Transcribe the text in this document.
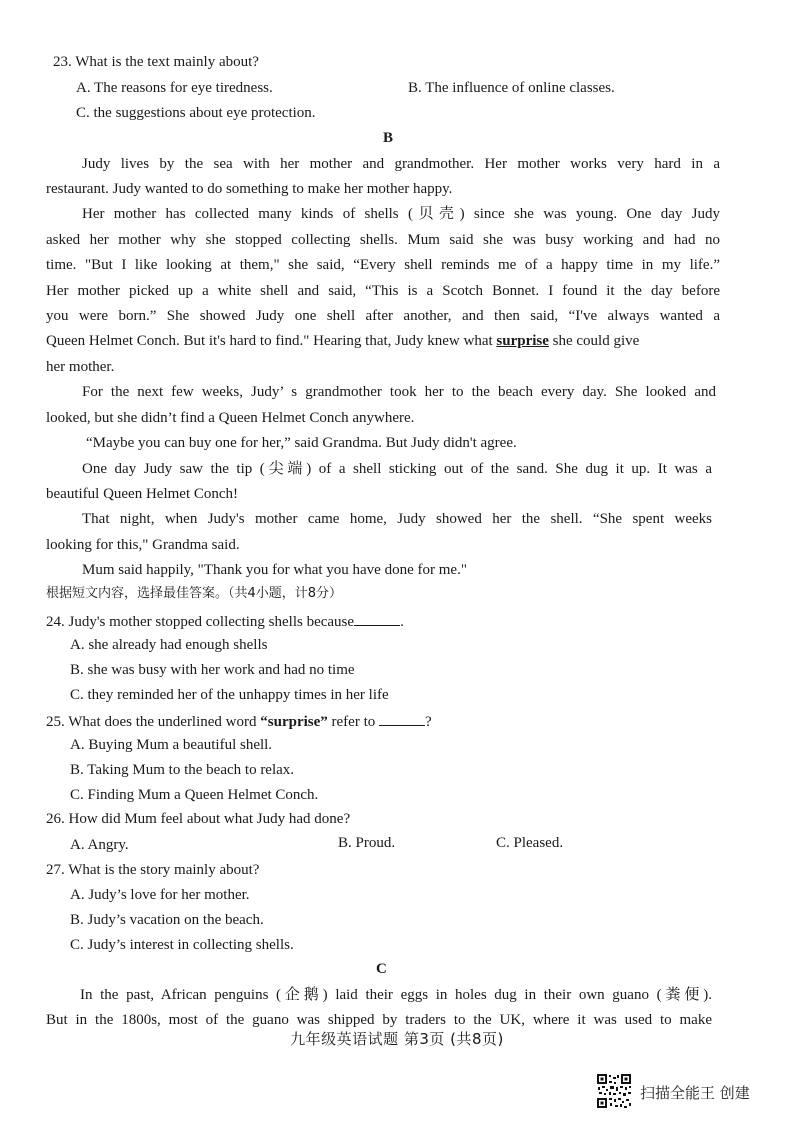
23. What is the text mainly about?
A. The reasons for eye tiredness.	B. The influence of online classes.
C. the suggestions about eye protection.
B
Judy lives by the sea with her mother and grandmother. Her mother works very hard in a
restaurant. Judy wanted to do something to make her mother happy.
Her mother has collected many kinds of shells (贝壳) since she was young. One day Judy
asked her mother why she stopped collecting shells. Mum said she was busy working and had no
time. "But I like looking at them," she said, “Every shell reminds me of a happy time in my life.”
Her mother picked up a white shell and said, “This is a Scotch Bonnet. I found it the day before
you were born.” She showed Judy one shell after another, and then said, “I've always wanted a
Queen Helmet Conch. But it's hard to find." Hearing that, Judy knew what surprise she could give
her mother.
For the next few weeks, Judy’ s grandmother took her to the beach every day. She looked and
looked, but she didn’t find a Queen Helmet Conch anywhere.
“Maybe you can buy one for her,” said Grandma. But Judy didn't agree.
One day Judy saw the tip (尖端) of a shell sticking out of the sand. She dug it up. It was a
beautiful Queen Helmet Conch!
That night, when Judy's mother came home, Judy showed her the shell. “She spent weeks
looking for this," Grandma said.
Mum said happily, "Thank you for what you have done for me."
根据短文内容，选择最佳答案。（共4小题，计8分）
24. Judy's mother stopped collecting shells because	.
A. she already had enough shells
B. she was busy with her work and had no time
C. they reminded her of the unhappy times in her life
25. What does the underlined word “surprise” refer to	?
A. Buying Mum a beautiful shell.
B. Taking Mum to the beach to relax.
C. Finding Mum a Queen Helmet Conch.
26. How did Mum feel about what Judy had done?
A. Angry.	B. Proud.	C. Pleased.
27. What is the story mainly about?
A. Judy’s love for her mother.
B. Judy’s vacation on the beach.
C. Judy’s interest in collecting shells.
C
In the past, African penguins (企鹅) laid their eggs in holes dug in their own guano (粪便).
But in the 1800s, most of the guano was shipped by traders to the UK, where it was used to make
九年级英语试题 第3页 (共8页)
扫描全能王 创建
